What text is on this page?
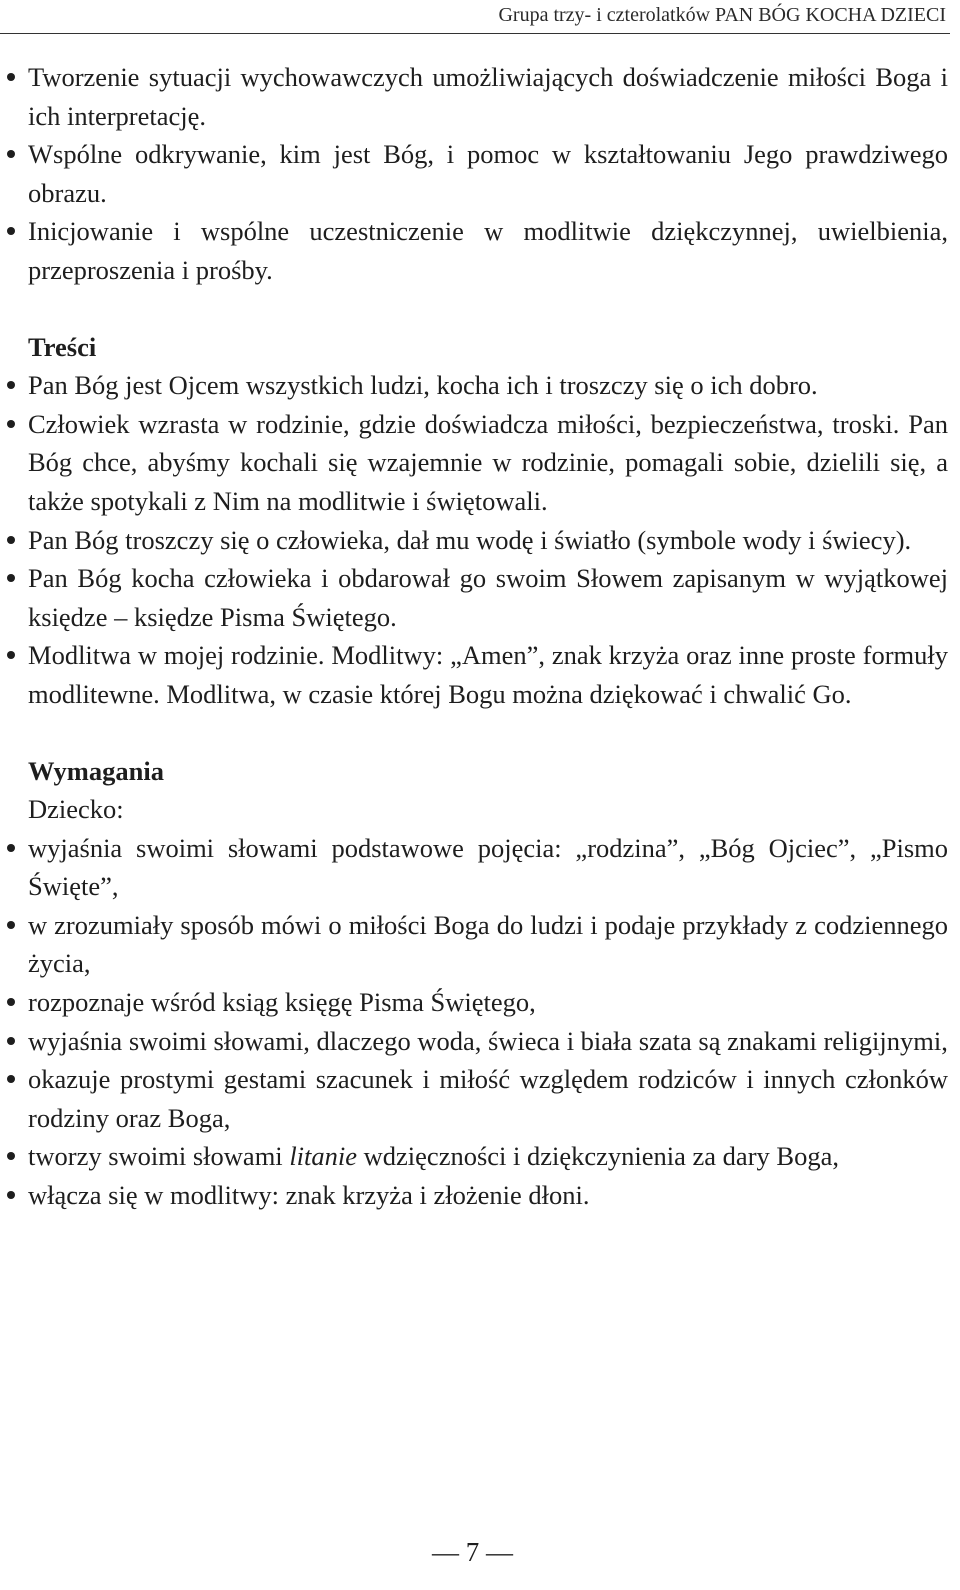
Grupa trzy- i czterolatków PAN BÓG KOCHA DZIECI
Tworzenie sytuacji wychowawczych umożliwiających doświadczenie miłości Boga i ich interpretację.
Wspólne odkrywanie, kim jest Bóg, i pomoc w kształtowaniu Jego prawdziwego obrazu.
Inicjowanie i wspólne uczestniczenie w modlitwie dziękczynnej, uwielbienia, przeproszenia i prośby.

Treści

Pan Bóg jest Ojcem wszystkich ludzi, kocha ich i troszczy się o ich dobro.
Człowiek wzrasta w rodzinie, gdzie doświadcza miłości, bezpieczeństwa, troski. Pan Bóg chce, abyśmy kochali się wzajemnie w rodzinie, pomagali sobie, dzielili się, a także spotykali z Nim na modlitwie i świętowali.
Pan Bóg troszczy się o człowieka, dał mu wodę i światło (symbole wody i świecy).
Pan Bóg kocha człowieka i obdarował go swoim Słowem zapisanym w wyjątkowej księdze – księdze Pisma Świętego.
Modlitwa w mojej rodzinie. Modlitwy: „Amen”, znak krzyża oraz inne proste formuły modlitewne. Modlitwa, w czasie której Bogu można dziękować i chwalić Go.

Wymagania

Dziecko:

wyjaśnia swoimi słowami podstawowe pojęcia: „rodzina”, „Bóg Ojciec”, „Pismo Święte”,
w zrozumiały sposób mówi o miłości Boga do ludzi i podaje przykłady z codziennego życia,
rozpoznaje wśród ksiąg księgę Pisma Świętego,
wyjaśnia swoimi słowami, dlaczego woda, świeca i biała szata są znakami religijnymi,
okazuje prostymi gestami szacunek i miłość względem rodziców i innych członków rodziny oraz Boga,
tworzy swoimi słowami litanie wdzięczności i dziękczynienia za dary Boga,
włącza się w modlitwy: znak krzyża i złożenie dłoni.
— 7 —
